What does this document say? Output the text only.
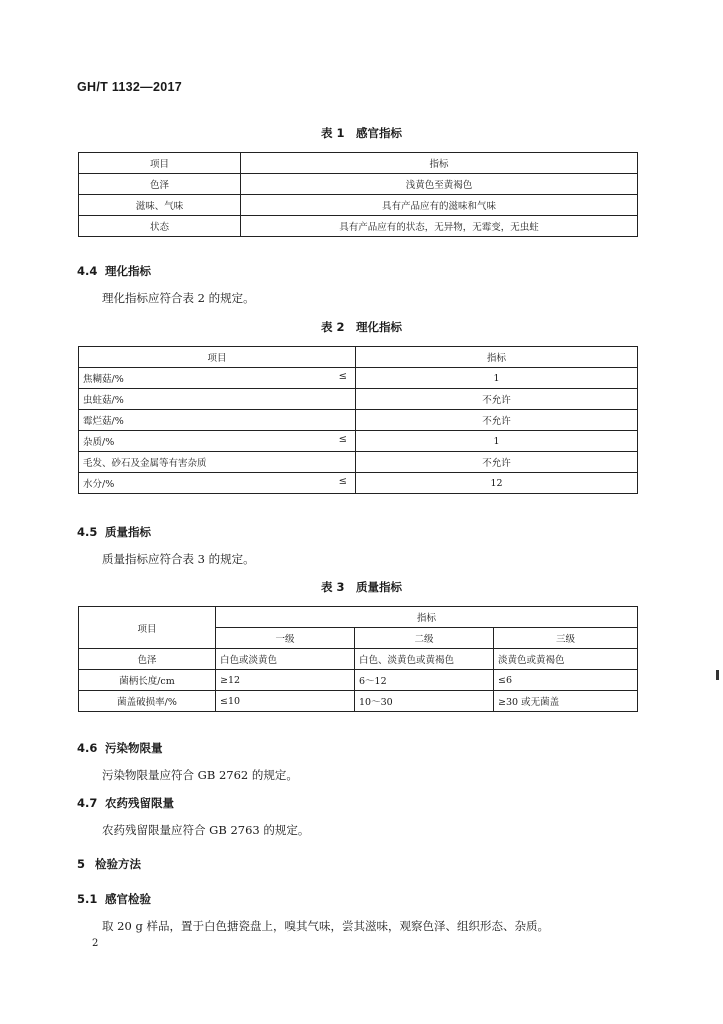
GH/T 1132—2017
表 1　感官指标
项目	指标
色泽	浅黄色至黄褐色
滋味、气味	具有产品应有的滋味和气味
状态	具有产品应有的状态，无异物，无霉变，无虫蛀
4.4 理化指标
理化指标应符合表 2 的规定。
表 2　理化指标
项目	指标
焦糊菇/% ≤	1
虫蛀菇/%	不允许
霉烂菇/%	不允许
杂质/% ≤	1
毛发、砂石及金属等有害杂质	不允许
水分/% ≤	12
4.5 质量指标
质量指标应符合表 3 的规定。
表 3　质量指标
项目	指标		
	一级	二级	三级
色泽	白色或淡黄色	白色、淡黄色或黄褐色	淡黄色或黄褐色
菌柄长度/cm	≥12	6～12	≤6
菌盖破损率/%	≤10	10～30	≥30 或无菌盖
4.6 污染物限量
污染物限量应符合 GB 2762 的规定。
4.7 农药残留限量
农药残留限量应符合 GB 2763 的规定。
5 检验方法
5.1 感官检验
取 20 g 样品，置于白色搪瓷盘上，嗅其气味，尝其滋味，观察色泽、组织形态、杂质。
2
